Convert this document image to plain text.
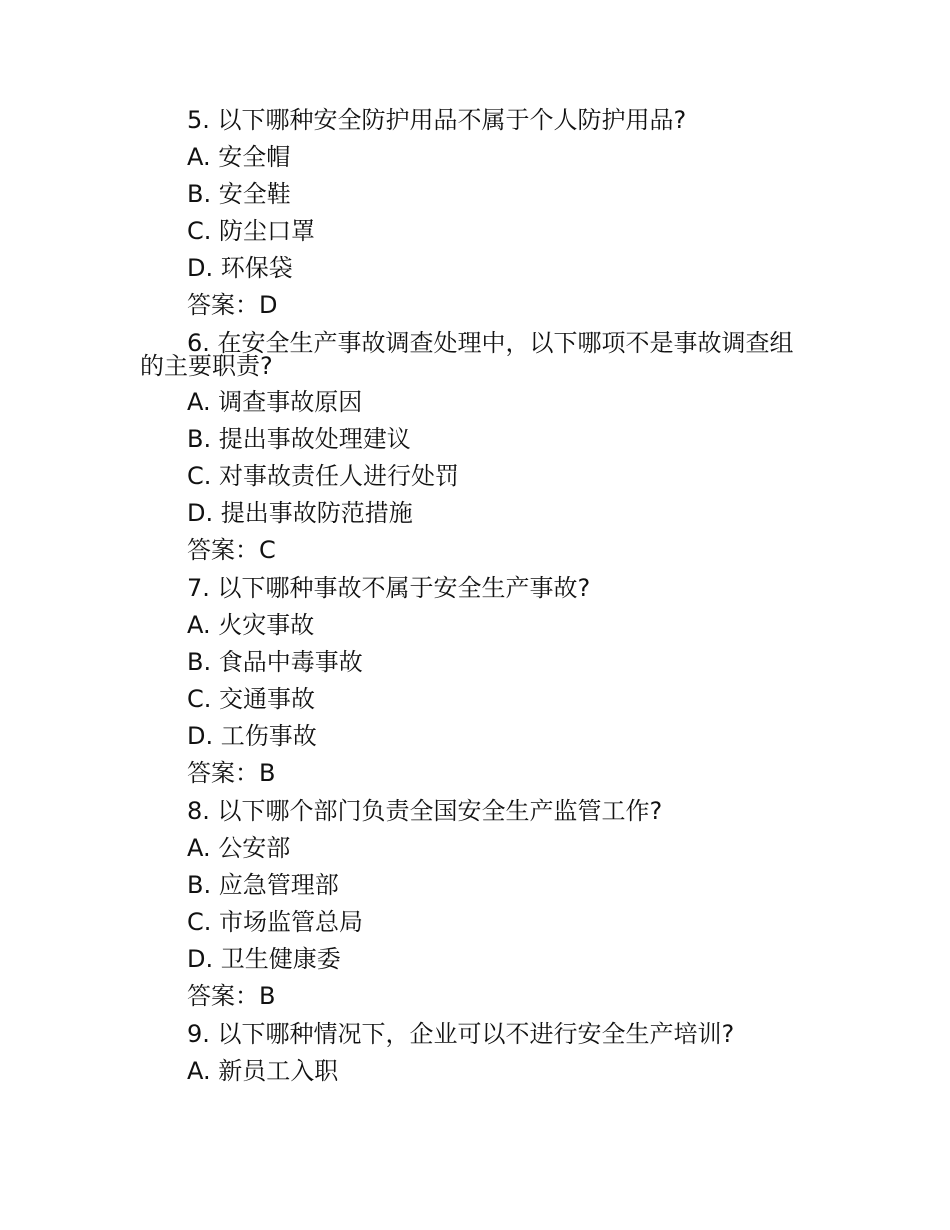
5. 以下哪种安全防护用品不属于个人防护用品?
A. 安全帽
B. 安全鞋
C. 防尘口罩
D. 环保袋
答案：D
6. 在安全生产事故调查处理中，以下哪项不是事故调查组
的主要职责?
A. 调查事故原因
B. 提出事故处理建议
C. 对事故责任人进行处罚
D. 提出事故防范措施
答案：C
7. 以下哪种事故不属于安全生产事故?
A. 火灾事故
B. 食品中毒事故
C. 交通事故
D. 工伤事故
答案：B
8. 以下哪个部门负责全国安全生产监管工作?
A. 公安部
B. 应急管理部
C. 市场监管总局
D. 卫生健康委
答案：B
9. 以下哪种情况下，企业可以不进行安全生产培训?
A. 新员工入职
